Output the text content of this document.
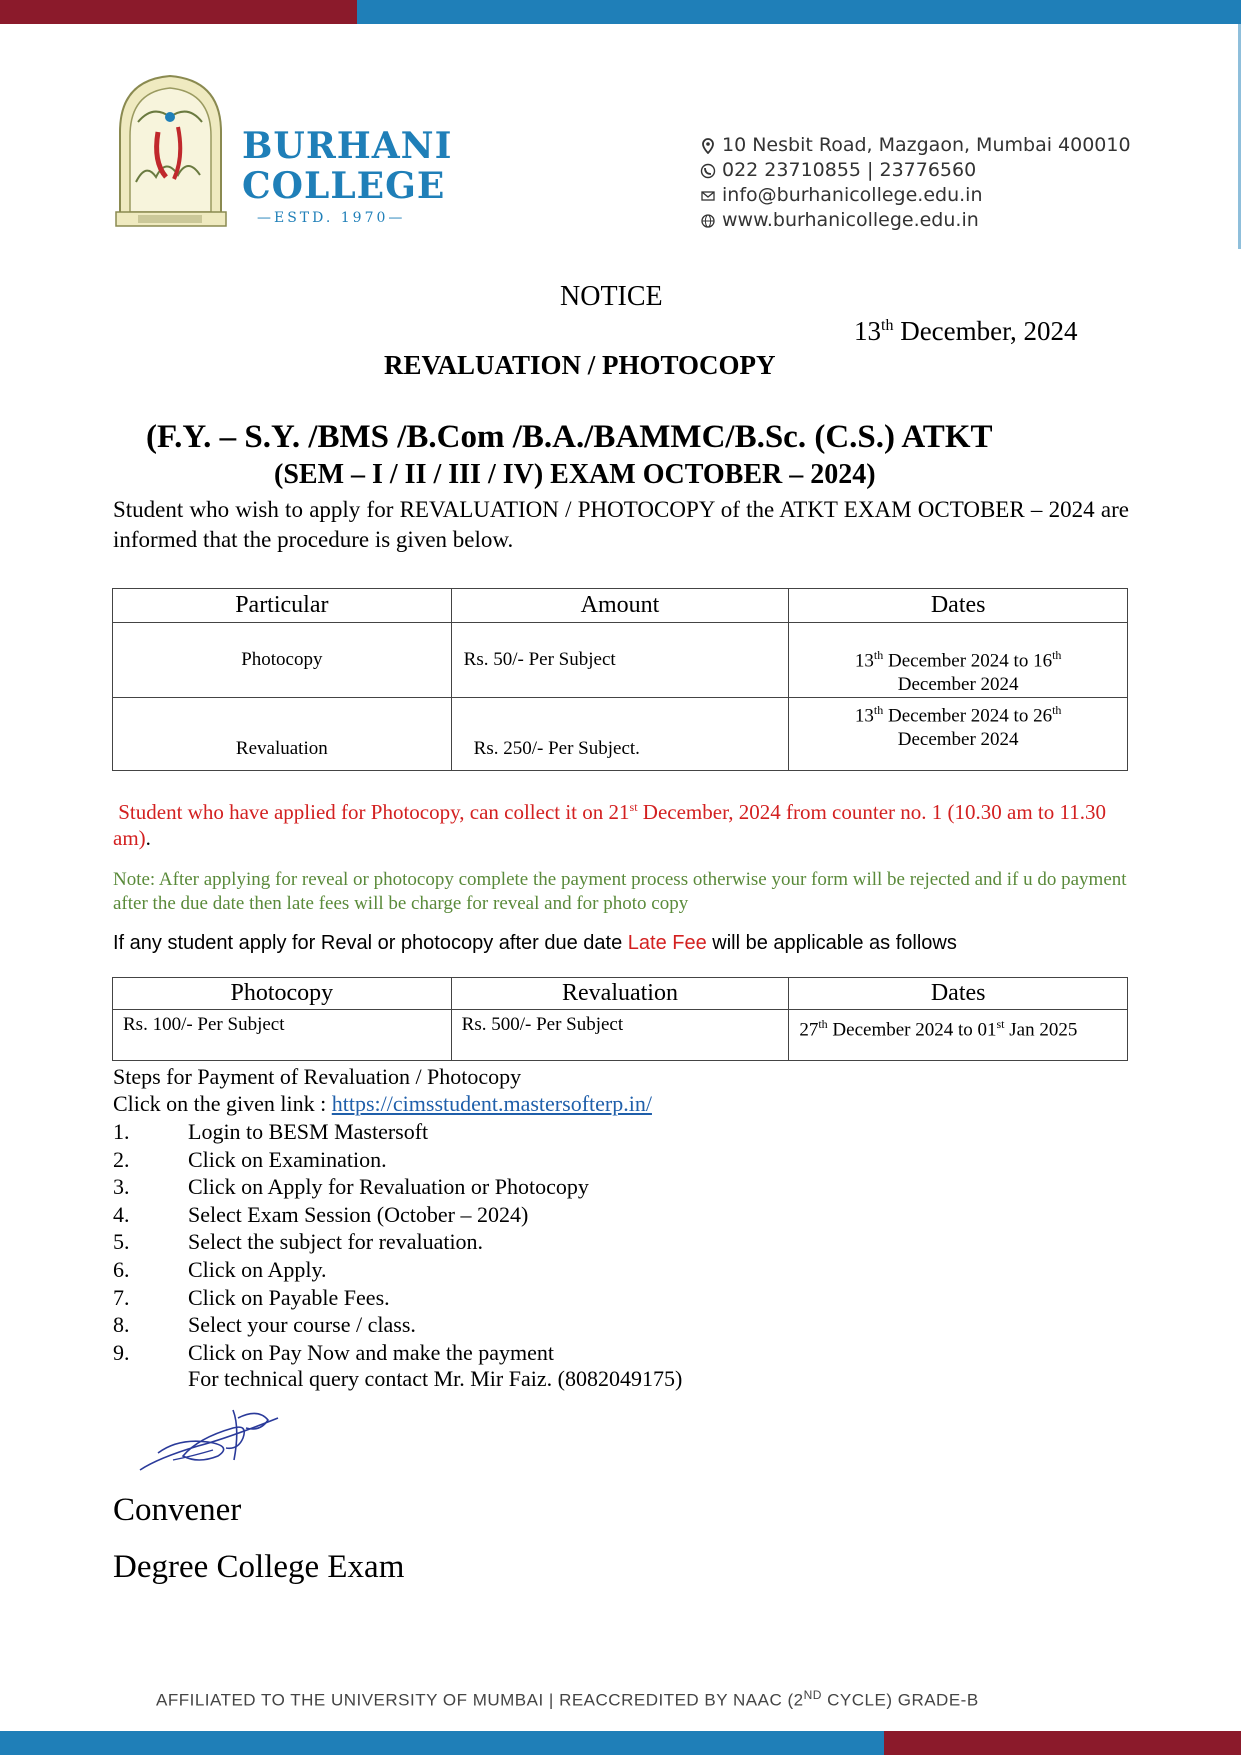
BURHANI
COLLEGE
—ESTD. 1970—
10 Nesbit Road, Mazgaon, Mumbai 400010
022 23710855 | 23776560
info@burhanicollege.edu.in
www.burhanicollege.edu.in
NOTICE
13th December, 2024
REVALUATION / PHOTOCOPY
(F.Y. – S.Y. /BMS /B.Com /B.A./BAMMC/B.Sc. (C.S.) ATKT
(SEM – I / II / III / IV) EXAM OCTOBER – 2024)
Student who wish to apply for REVALUATION / PHOTOCOPY of the ATKT EXAM OCTOBER – 2024 are informed that the procedure is given below.
Particular	Amount	Dates
Photocopy	Rs. 50/- Per Subject	13th December 2024 to 16th
December 2024
Revaluation	Rs. 250/- Per Subject.	13th December 2024 to 26th
December 2024
Student who have applied for Photocopy, can collect it on 21st December, 2024 from counter no. 1 (10.30 am to 11.30 am).
Note: After applying for reveal or photocopy complete the payment process otherwise your form will be rejected and if u do payment after the due date then late fees will be charge for reveal and for photo copy
If any student apply for Reval or photocopy after due date Late Fee will be applicable as follows
Photocopy	Revaluation	Dates
Rs. 100/- Per Subject	Rs. 500/- Per Subject	27th December 2024 to 01st Jan 2025
Steps for Payment of Revaluation / Photocopy
Click on the given link : https://cimsstudent.mastersofterp.in/
1.	Login to BESM Mastersoft
2.	Click on Examination.
3.	Click on Apply for Revaluation or Photocopy
4.	Select Exam Session (October – 2024)
5.	Select the subject for revaluation.
6.	Click on Apply.
7.	Click on Payable Fees.
8.	Select your course / class.
9.	Click on Pay Now and make the payment
For technical query contact Mr. Mir Faiz. (8082049175)
Convener
Degree College Exam
AFFILIATED TO THE UNIVERSITY OF MUMBAI | REACCREDITED BY NAAC (2ND CYCLE) GRADE-B
